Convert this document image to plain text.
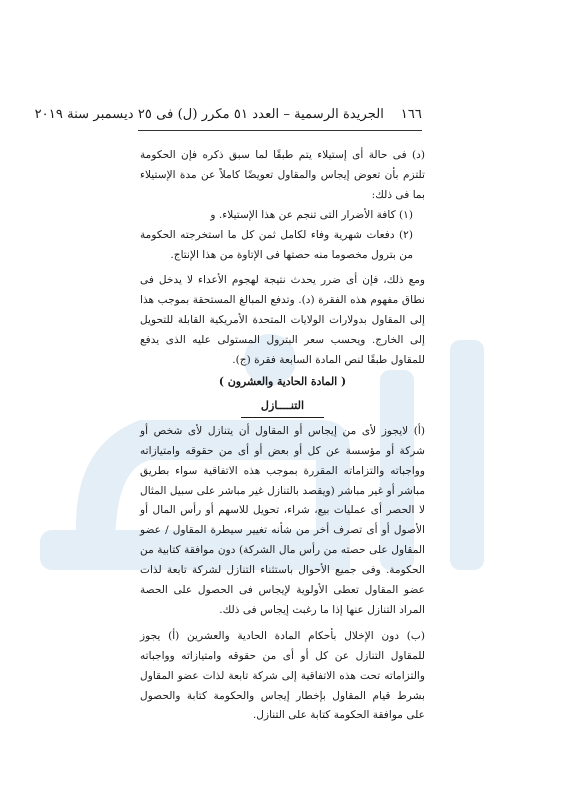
١٦٦    الجريدة الرسمية – العدد ٥١ مكرر (ل) فى ٢٥ ديسمبر سنة ٢٠١٩

(د) فى حالة أى إستيلاء يتم طبقًا لما سبق ذكره فإن الحكومة تلتزم بأن تعوض إيجاس والمقاول تعويضًا كاملاً عن مدة الإستيلاء بما فى ذلك:

(١) كافة الأضرار التى تنجم عن هذا الإستيلاء. و

(٢) دفعات شهرية وفاء لكامل ثمن كل ما استخرجته الحكومة من بترول مخصوما منه حصتها فى الإتاوة من هذا الإنتاج.

ومع ذلك، فإن أى ضرر يحدث نتيجة لهجوم الأعداء لا يدخل فى نطاق مفهوم هذه الفقرة (د). وتدفع المبالغ المستحقة بموجب هذا إلى المقاول بدولارات الولايات المتحدة الأمريكية القابلة للتحويل إلى الخارج. ويحسب سعر البترول المستولى عليه الذى يدفع للمقاول طبقًا لنص المادة السابعة فقرة (ج).

( المادة الحادية والعشرون )

التنــــازل

(أ) لايجوز لأى من إيجاس أو المقاول أن يتنازل لأى شخص أو شركة أو مؤسسة عن كل أو بعض أو أى من حقوقه وامتيازاته وواجباته والتزاماته المقررة بموجب هذه الاتفاقية سواء بطريق مباشر أو غير مباشر (ويقصد بالتنازل غير مباشر على سبيل المثال لا الحصر أى عمليات بيع، شراء، تحويل للاسهم أو رأس المال أو الأصول أو أى تصرف أخر من شأنه تغيير سيطرة المقاول / عضو المقاول على حصته من رأس مال الشركة) دون موافقة كتابية من الحكومة. وفى جميع الأحوال باستثناء التنازل لشركة تابعة لذات عضو المقاول تعطى الأولوية لإيجاس فى الحصول على الحصة المراد التنازل عنها إذا ما رغبت إيجاس فى ذلك.

(ب) دون الإخلال بأحكام المادة الحادية والعشرين (أ) يجوز للمقاول التنازل عن كل أو أى من حقوقه وامتيازاته وواجباته والتزاماته تحت هذه الاتفاقية إلى شركة تابعة لذات عضو المقاول بشرط قيام المقاول بإخطار إيجاس والحكومة كتابة والحصول على موافقة الحكومة كتابة على التنازل.
